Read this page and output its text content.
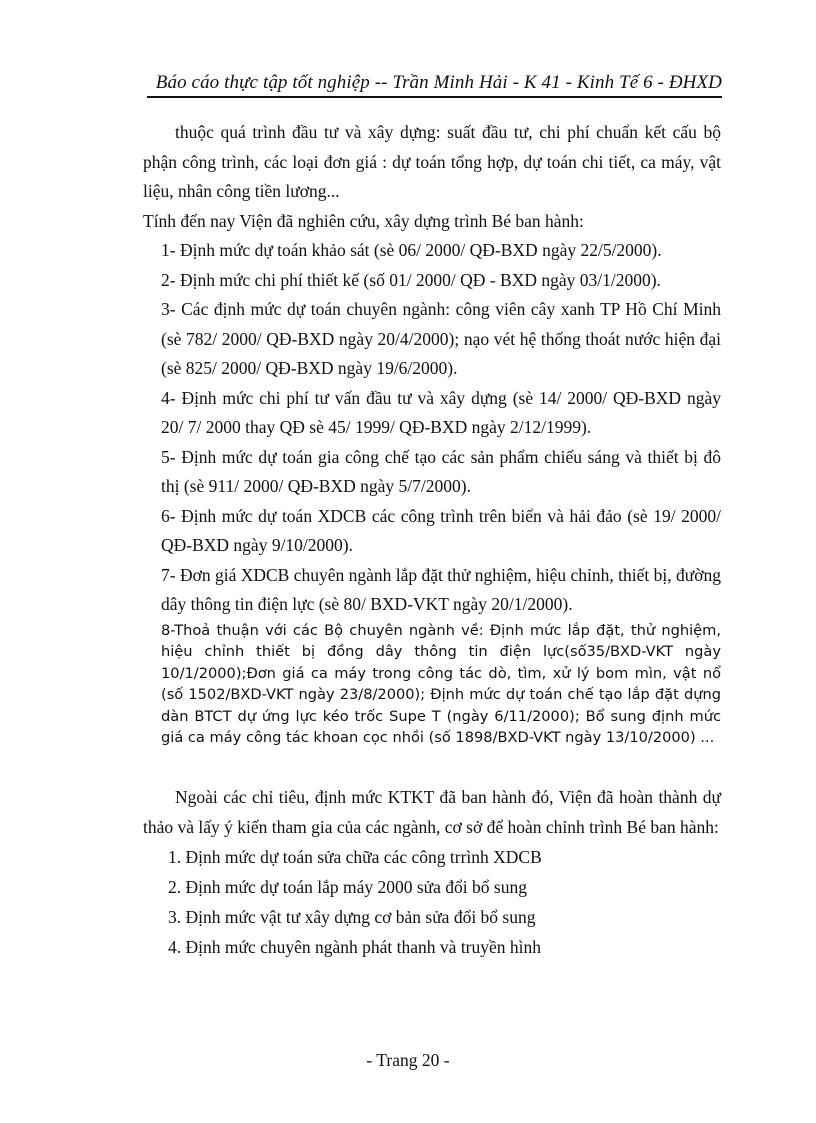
Báo cáo thực tập tốt nghiệp -- Trần Minh Hải - K 41 - Kinh Tế 6 - ĐHXD

thuộc quá trình đầu tư và xây dựng: suất đầu tư, chi phí chuẩn kết cấu bộ phận công trình, các loại đơn giá : dự toán tổng hợp, dự toán chi tiết, ca máy, vật liệu, nhân công tiền lương...

Tính đến nay Viện đã nghiên cứu, xây dựng trình Bé ban hành:

1- Định mức dự toán khảo sát (sè 06/ 2000/ QĐ-BXD ngày 22/5/2000).

2- Định mức chi phí thiết kế (số 01/ 2000/ QĐ - BXD ngày 03/1/2000).

3- Các định mức dự toán chuyên ngành: công viên cây xanh TP Hồ Chí Minh (sè 782/ 2000/ QĐ-BXD ngày 20/4/2000); nạo vét hệ thống thoát nước hiện đại (sè 825/ 2000/ QĐ-BXD ngày 19/6/2000).

4- Định mức chi phí tư vấn đầu tư và xây dựng (sè 14/ 2000/ QĐ-BXD ngày 20/ 7/ 2000 thay QĐ sè 45/ 1999/ QĐ-BXD ngày 2/12/1999).

5- Định mức dự toán gia công chế tạo các sản phẩm chiếu sáng và thiết bị đô thị (sè 911/ 2000/ QĐ-BXD ngày 5/7/2000).

6- Định mức dự toán XDCB các công trình trên biển và hải đảo (sè 19/ 2000/ QĐ-BXD ngày 9/10/2000).

7- Đơn giá XDCB chuyên ngành lắp đặt thử nghiệm, hiệu chỉnh, thiết bị, đường dây thông tin điện lực (sè 80/ BXD-VKT ngày 20/1/2000).

8-Thoả thuận với các Bộ chuyên ngành về: Định mức lắp đặt, thử nghiệm, hiệu chỉnh thiết bị đồng dây thông tin điện lực(số35/BXD-VKT ngày 10/1/2000);Đơn giá ca máy trong công tác dò, tìm, xử lý bom mìn, vật nổ (số 1502/BXD-VKT ngày 23/8/2000); Định mức dự toán chế tạo lắp đặt dựng dàn BTCT dự ứng lực kéo trốc Supe T (ngày 6/11/2000); Bổ sung định mức giá ca máy công tác khoan cọc nhồi (số 1898/BXD-VKT ngày 13/10/2000) ...

Ngoài các chỉ tiêu, định mức KTKT đã ban hành đó, Viện đã hoàn thành dự thảo và lấy ý kiến tham gia của các ngành, cơ sở để hoàn chỉnh trình Bé ban hành:

1. Định mức dự toán sửa chữa các công trrình XDCB
2. Định mức dự toán lắp máy 2000 sửa đổi bổ sung
3. Định mức vật tư xây dựng cơ bản sửa đổi bổ sung
4. Định mức chuyên ngành phát thanh và truyền hình
- Trang 20 -
